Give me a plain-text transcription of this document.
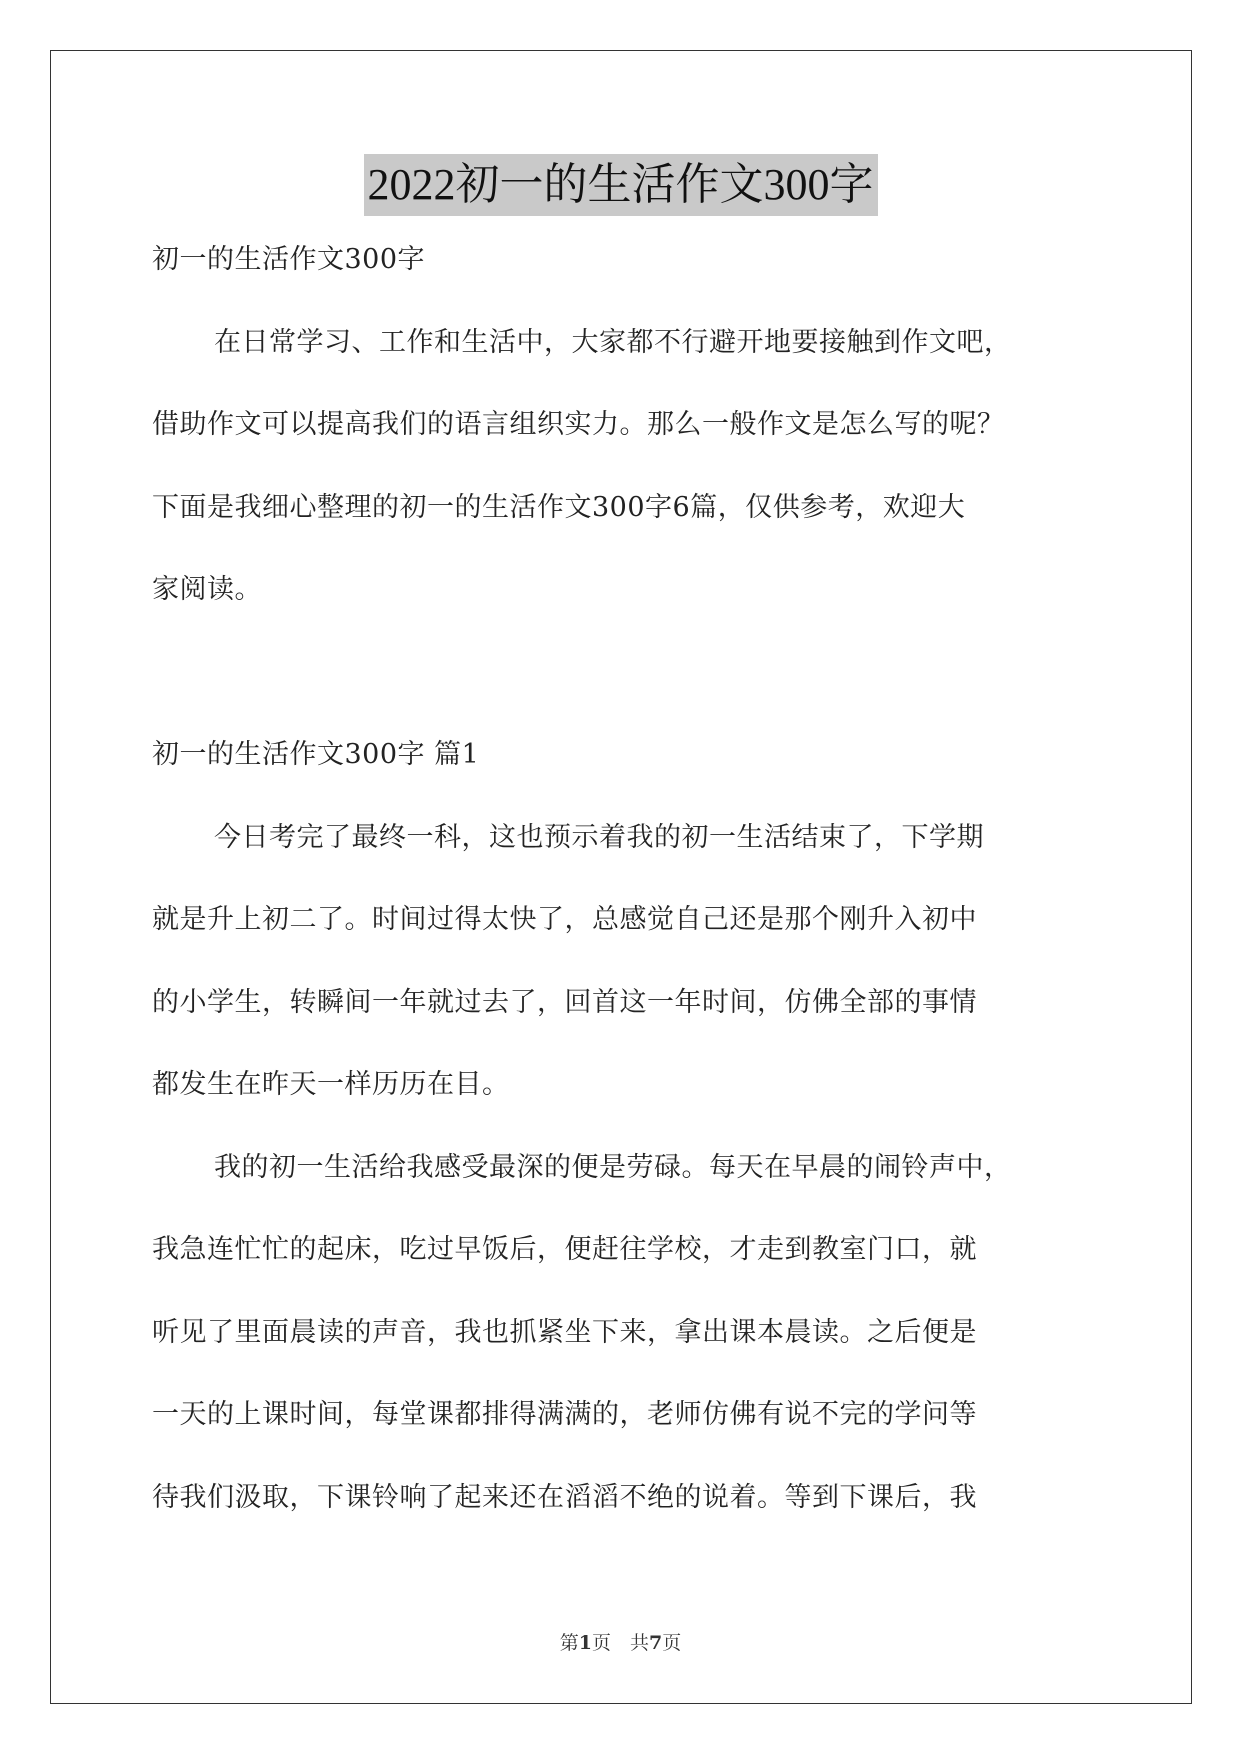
2022初一的生活作文300字
初一的生活作文300字
在日常学习、工作和生活中，大家都不行避开地要接触到作文吧，
借助作文可以提高我们的语言组织实力。那么一般作文是怎么写的呢？
下面是我细心整理的初一的生活作文300字6篇，仅供参考，欢迎大
家阅读。
初一的生活作文300字 篇1
今日考完了最终一科，这也预示着我的初一生活结束了，下学期
就是升上初二了。时间过得太快了，总感觉自己还是那个刚升入初中
的小学生，转瞬间一年就过去了，回首这一年时间，仿佛全部的事情
都发生在昨天一样历历在目。
我的初一生活给我感受最深的便是劳碌。每天在早晨的闹铃声中，
我急连忙忙的起床，吃过早饭后，便赶往学校，才走到教室门口，就
听见了里面晨读的声音，我也抓紧坐下来，拿出课本晨读。之后便是
一天的上课时间，每堂课都排得满满的，老师仿佛有说不完的学问等
待我们汲取，下课铃响了起来还在滔滔不绝的说着。等到下课后，我
第1页　共7页
